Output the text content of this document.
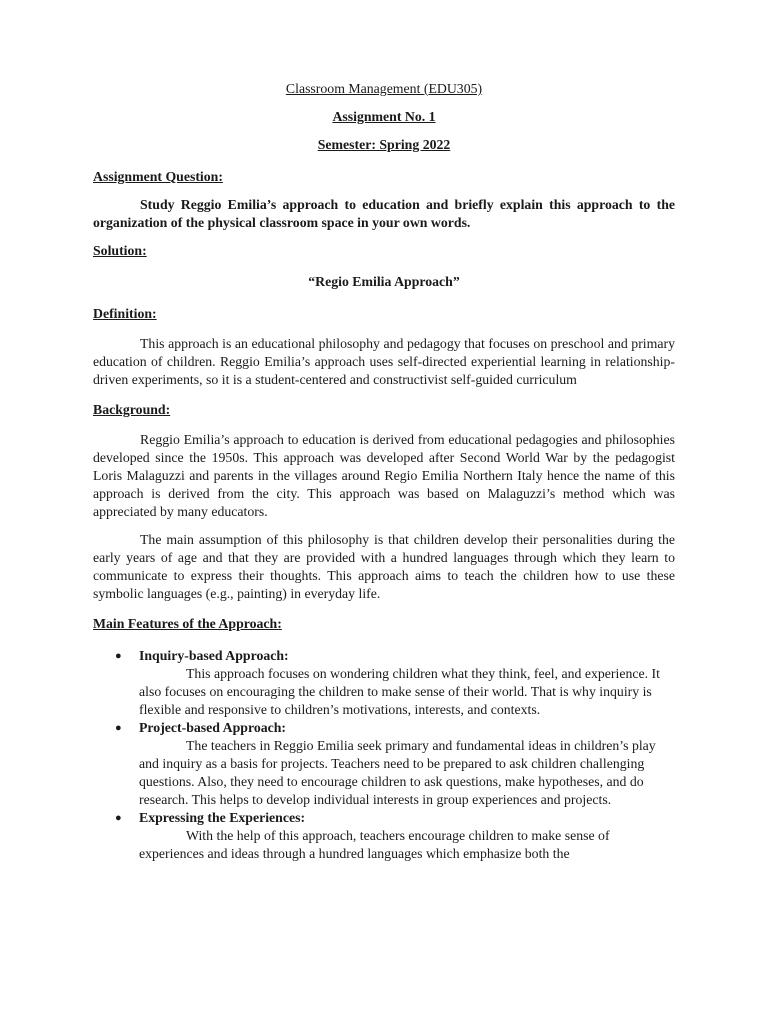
Classroom Management (EDU305)
Assignment No. 1
Semester: Spring 2022
Assignment Question:

Study Reggio Emilia’s approach to education and briefly explain this approach to the organization of the physical classroom space in your own words.

Solution:
“Regio Emilia Approach”
Definition:

This approach is an educational philosophy and pedagogy that focuses on preschool and primary education of children. Reggio Emilia’s approach uses self-directed experiential learning in relationship-driven experiments, so it is a student-centered and constructivist self-guided curriculum

Background:

Reggio Emilia’s approach to education is derived from educational pedagogies and philosophies developed since the 1950s. This approach was developed after Second World War by the pedagogist Loris Malaguzzi and parents in the villages around Regio Emilia Northern Italy hence the name of this approach is derived from the city. This approach was based on Malaguzzi’s method which was appreciated by many educators.

The main assumption of this philosophy is that children develop their personalities during the early years of age and that they are provided with a hundred languages through which they learn to communicate to express their thoughts. This approach aims to teach the children how to use these symbolic languages (e.g., painting) in everyday life.

Main Features of the Approach:
● Inquiry-based Approach:
This approach focuses on wondering children what they think, feel, and experience. It also focuses on encouraging the children to make sense of their world. That is why inquiry is flexible and responsive to children’s motivations, interests, and contexts.
● Project-based Approach:
The teachers in Reggio Emilia seek primary and fundamental ideas in children’s play and inquiry as a basis for projects. Teachers need to be prepared to ask children challenging questions. Also, they need to encourage children to ask questions, make hypotheses, and do research. This helps to develop individual interests in group experiences and projects.
● Expressing the Experiences:
With the help of this approach, teachers encourage children to make sense of experiences and ideas through a hundred languages which emphasize both the
